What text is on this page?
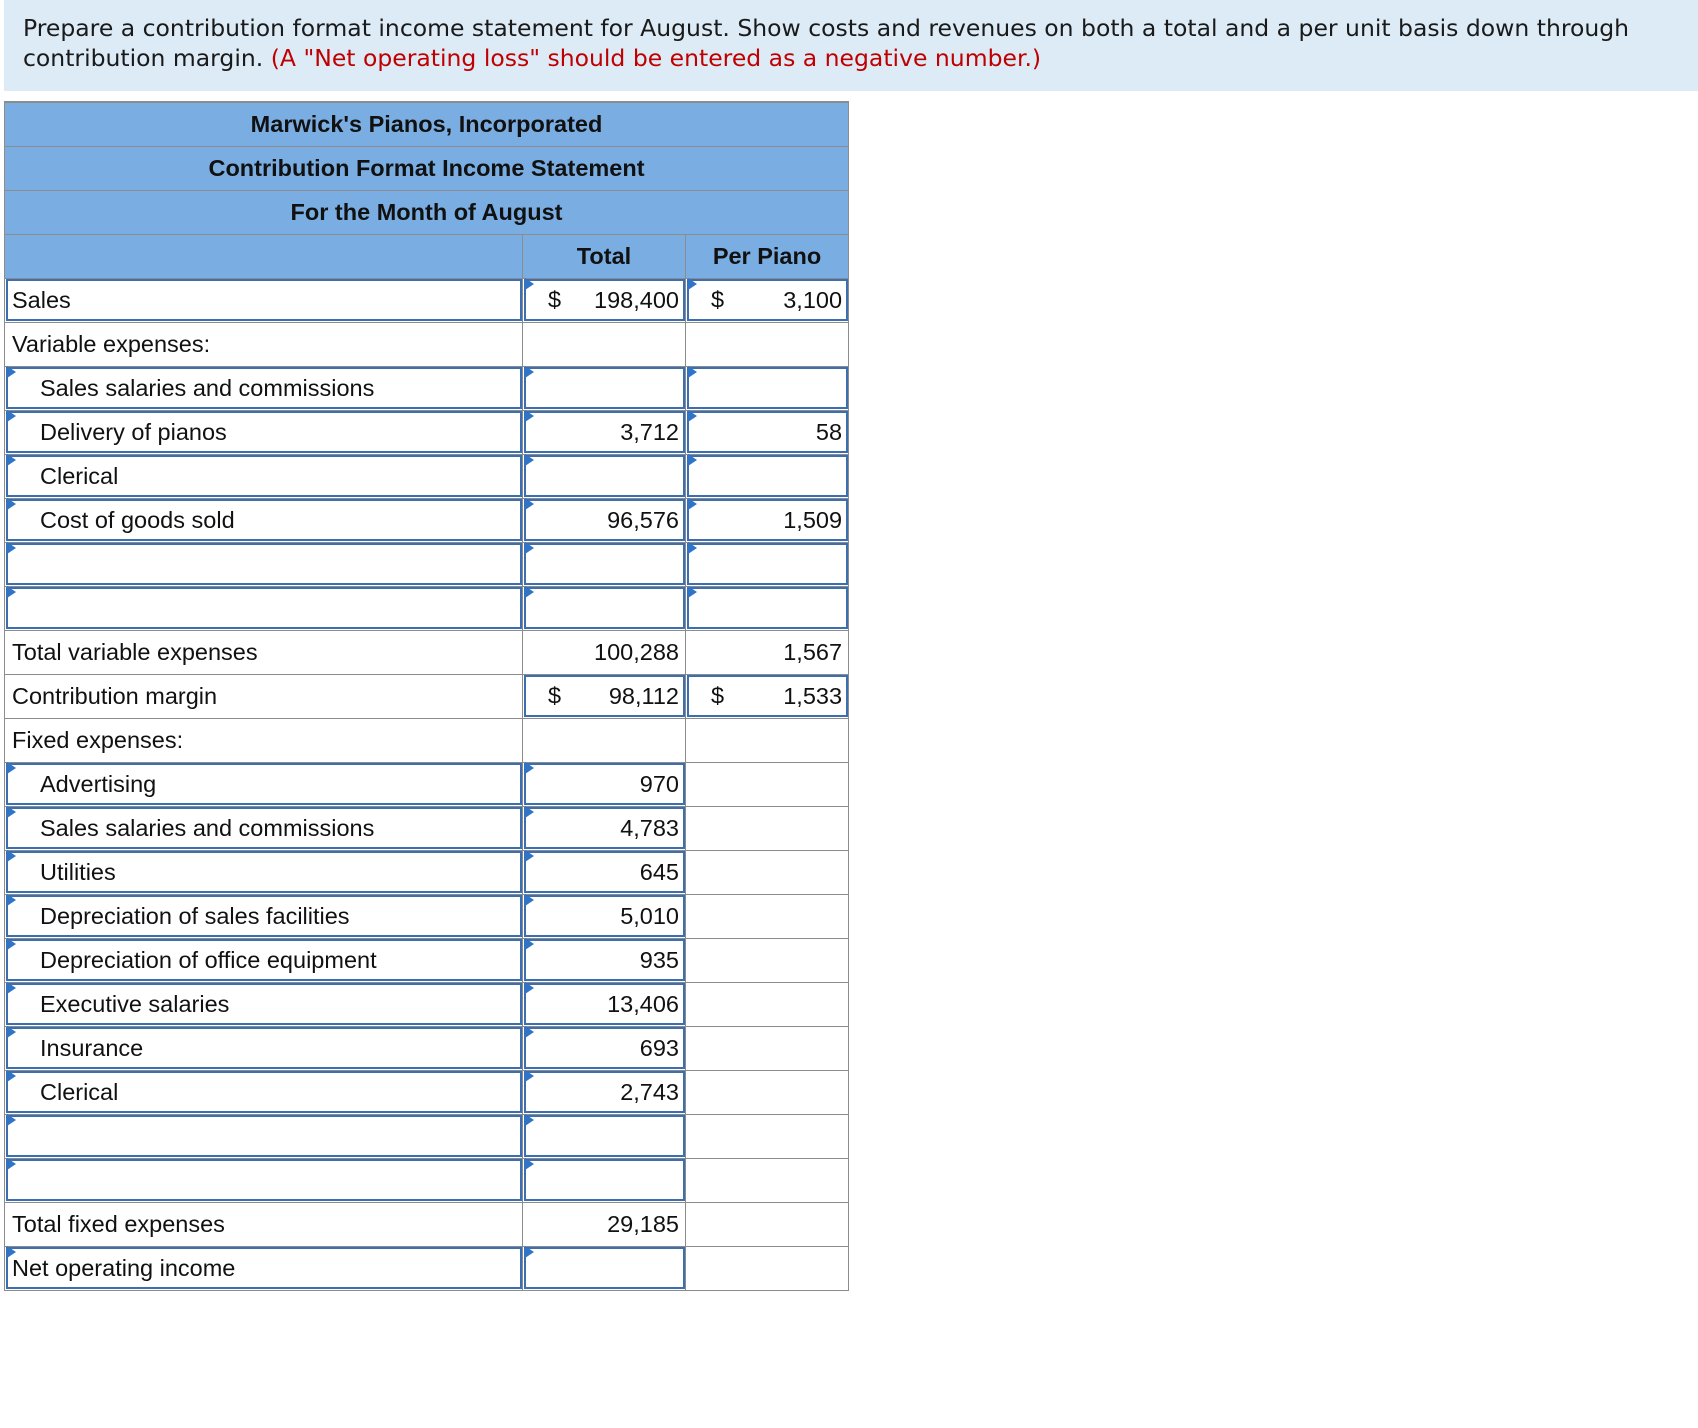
Prepare a contribution format income statement for August. Show costs and revenues on both a total and a per unit basis down through contribution margin. (A "Net operating loss" should be entered as a negative number.)
Marwick's Pianos, Incorporated		
Contribution Format Income Statement		
For the Month of August		
	Total	Per Piano
Sales	$ 198,400	$ 3,100
Variable expenses:		
Sales salaries and commissions		
Delivery of pianos	3,712	58
Clerical		
Cost of goods sold	96,576	1,509

Total variable expenses	100,288	1,567
Contribution margin	$ 98,112	$ 1,533
Fixed expenses:		
Advertising	970	
Sales salaries and commissions	4,783	
Utilities	645	
Depreciation of sales facilities	5,010	
Depreciation of office equipment	935	
Executive salaries	13,406	
Insurance	693	
Clerical	2,743	

Total fixed expenses	29,185	
Net operating income		
